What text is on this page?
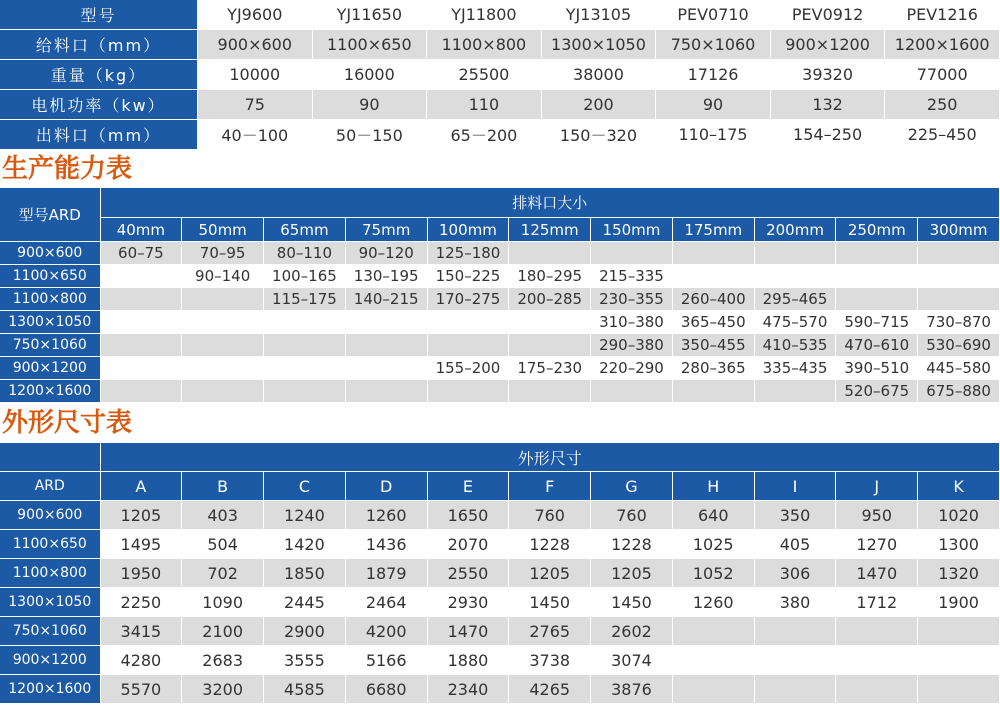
型号	YJ9600	YJ11650	YJ11800	YJ13105	PEV0710	PEV0912	PEV1216
给料口（mm）	900×600	1100×650	1100×800	1300×1050	750×1060	900×1200	1200×1600
重量（kg）	10000	16000	25500	38000	17126	39320	77000
电机功率（kw）	75	90	110	200	90	132	250
出料口（mm）	40－100	50－150	65－200	150－320	110–175	154–250	225–450
生产能力表
型号ARD	排料口大小										
	40mm	50mm	65mm	75mm	100mm	125mm	150mm	175mm	200mm	250mm	300mm
900×600	60–75	70–95	80–110	90–120	125–180						
1100×650		90–140	100–165	130–195	150–225	180–295	215–335				
1100×800			115–175	140–215	170–275	200–285	230–355	260–400	295–465		
1300×1050							310–380	365–450	475–570	590–715	730–870
750×1060							290–380	350–455	410–535	470–610	530–690
900×1200					155–200	175–230	220–290	280–365	335–435	390–510	445–580
1200×1600										520–675	675–880
外形尺寸表
	外形尺寸										
ARD	A	B	C	D	E	F	G	H	I	J	K
900×600	1205	403	1240	1260	1650	760	760	640	350	950	1020
1100×650	1495	504	1420	1436	2070	1228	1228	1025	405	1270	1300
1100×800	1950	702	1850	1879	2550	1205	1205	1052	306	1470	1320
1300×1050	2250	1090	2445	2464	2930	1450	1450	1260	380	1712	1900
750×1060	3415	2100	2900	4200	1470	2765	2602				
900×1200	4280	2683	3555	5166	1880	3738	3074				
1200×1600	5570	3200	4585	6680	2340	4265	3876				
